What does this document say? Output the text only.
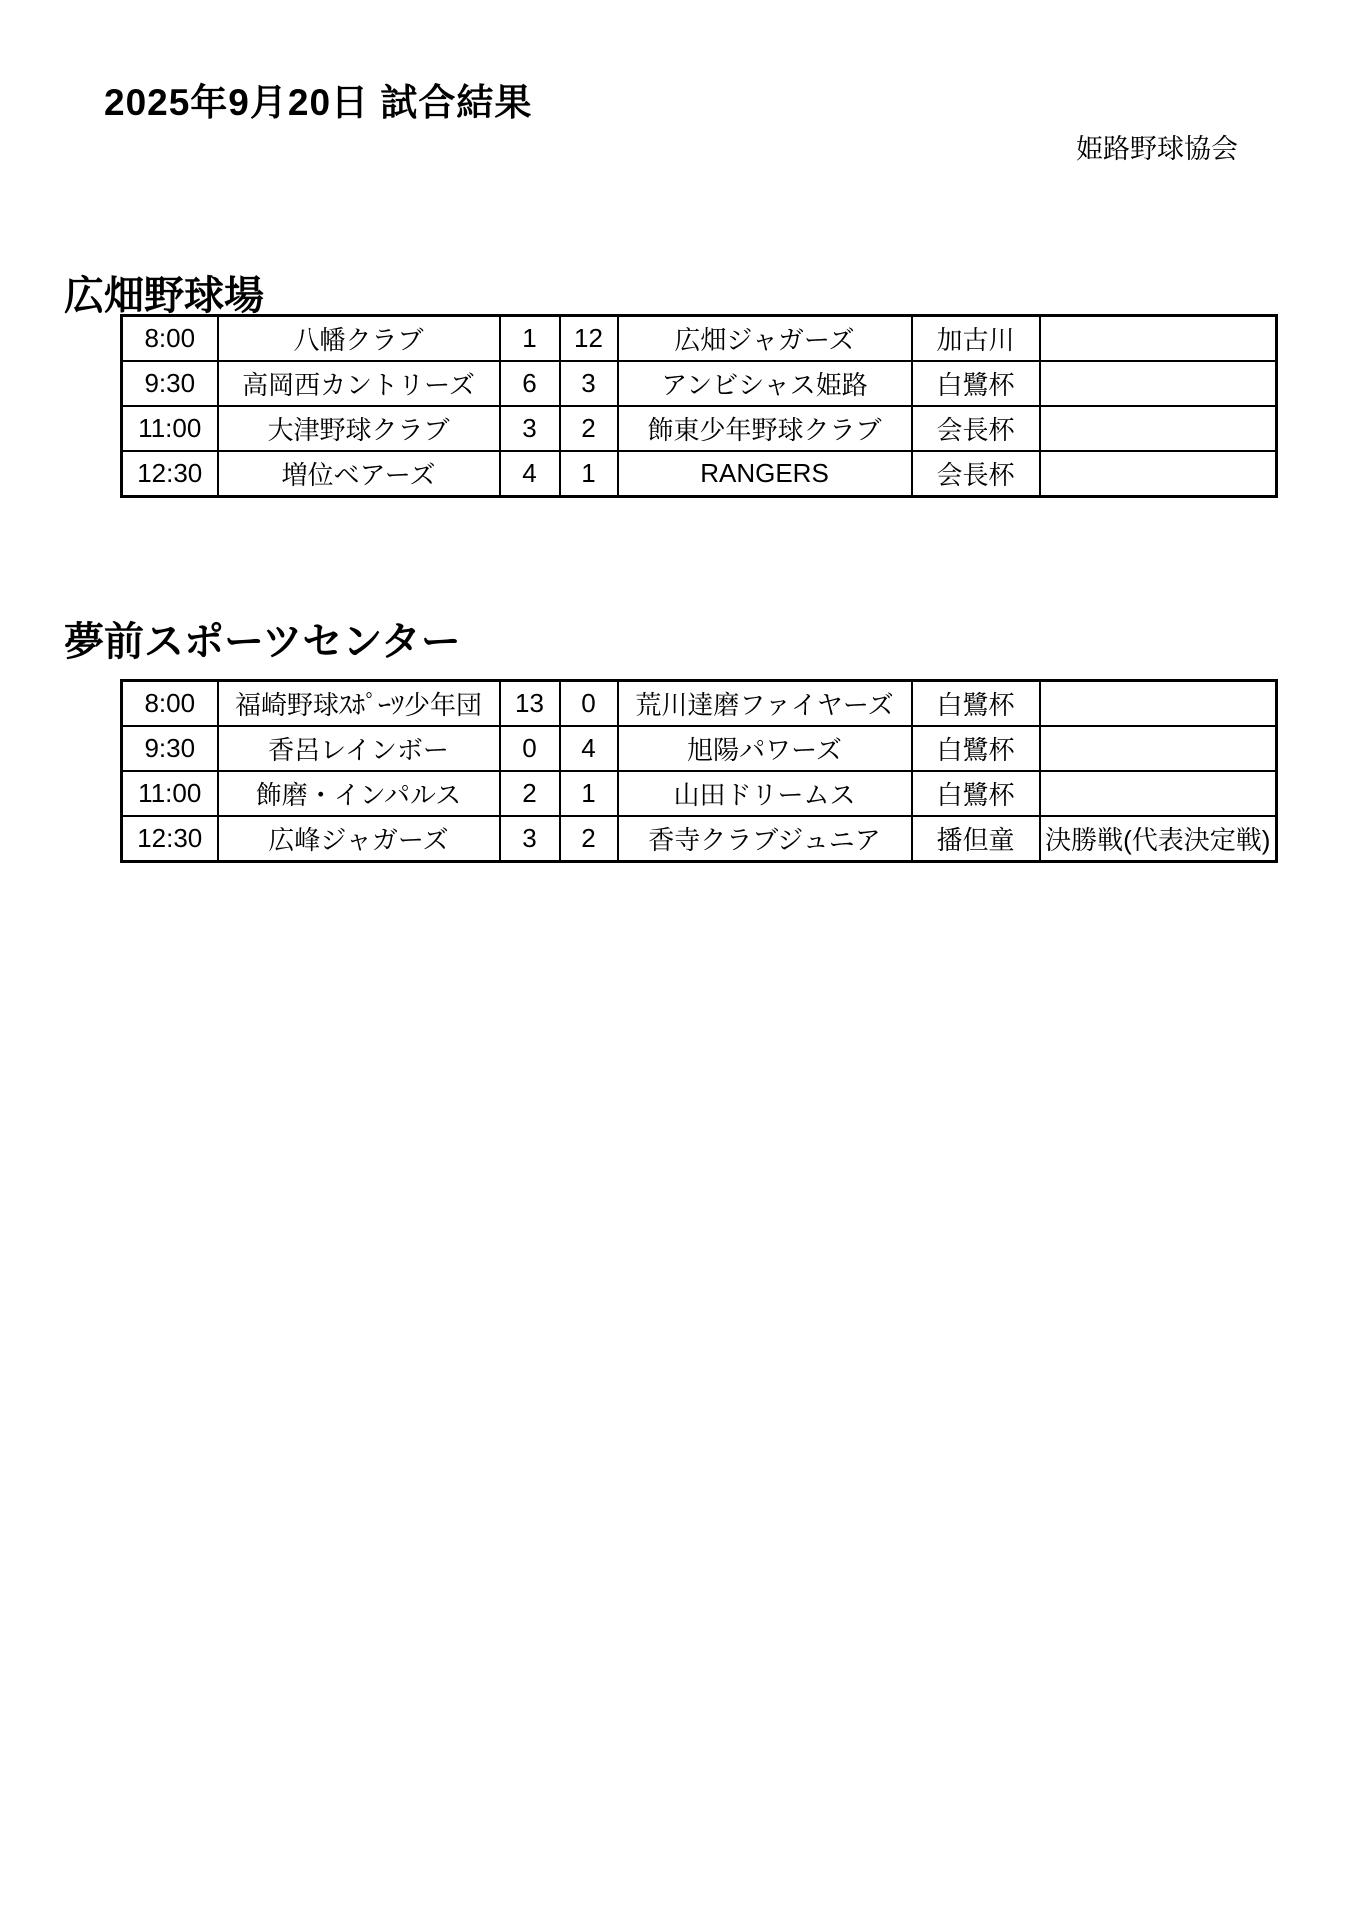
2025年9月20日 試合結果
姫路野球協会
広畑野球場
8:00	八幡クラブ	1	12	広畑ジャガーズ	加古川	
9:30	高岡西カントリーズ	6	3	アンビシャス姫路	白鷺杯	
11:00	大津野球クラブ	3	2	飾東少年野球クラブ	会長杯	
12:30	増位ベアーズ	4	1	RANGERS	会長杯	
夢前スポーツセンター
8:00	福崎野球ｽﾎﾟｰﾂ少年団	13	0	荒川達磨ファイヤーズ	白鷺杯	
9:30	香呂レインボー	0	4	旭陽パワーズ	白鷺杯	
11:00	飾磨・インパルス	2	1	山田ドリームス	白鷺杯	
12:30	広峰ジャガーズ	3	2	香寺クラブジュニア	播但童	決勝戦(代表決定戦)
